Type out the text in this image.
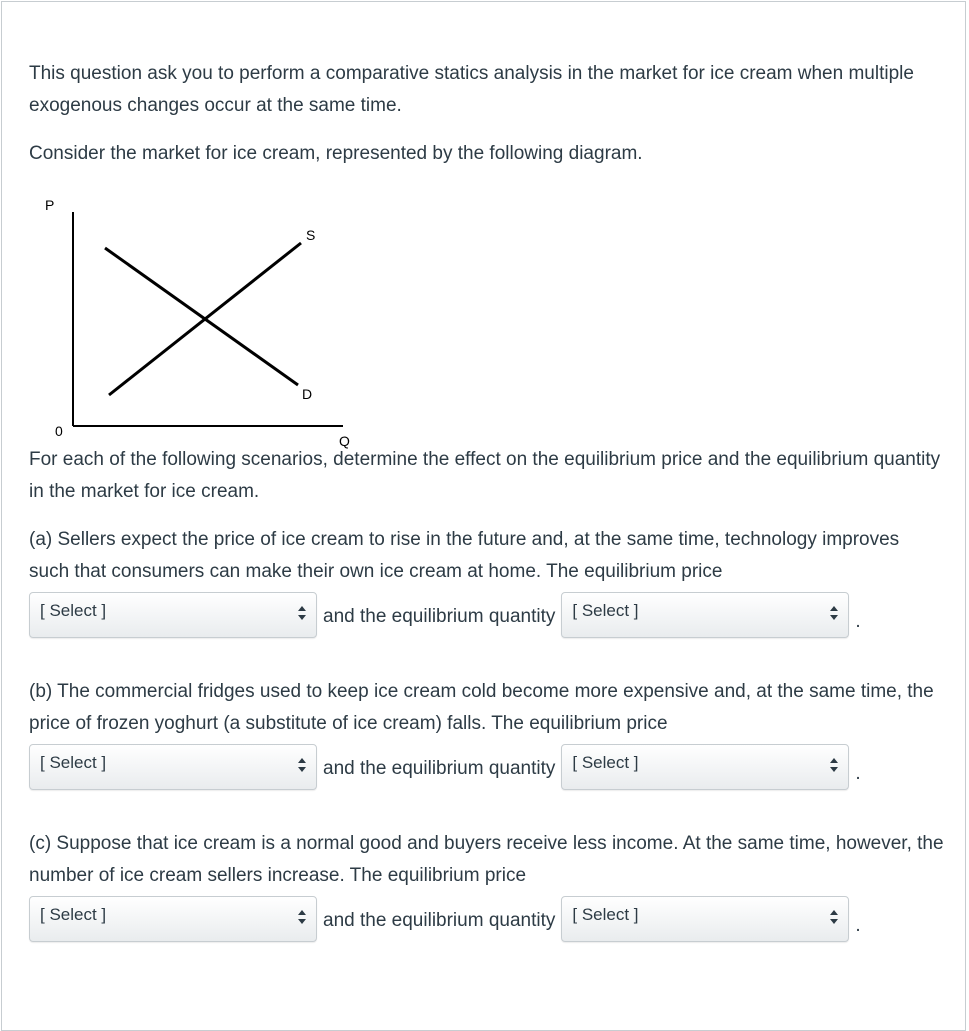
This question ask you to perform a comparative statics analysis in the market for ice cream when multiple exogenous changes occur at the same time.

Consider the market for ice cream, represented by the following diagram.

P
0
Q
S
D

For each of the following scenarios, determine the effect on the equilibrium price and the equilibrium quantity in the market for ice cream.

(a) Sellers expect the price of ice cream to rise in the future and, at the same time, technology improves such that consumers can make their own ice cream at home. The equilibrium price

[ Select ]	and the equilibrium quantity [ Select ]
.

(b) The commercial fridges used to keep ice cream cold become more expensive and, at the same time, the price of frozen yoghurt (a substitute of ice cream) falls. The equilibrium price

[ Select ]	and the equilibrium quantity [ Select ]
.

(c) Suppose that ice cream is a normal good and buyers receive less income. At the same time, however, the number of ice cream sellers increase. The equilibrium price

[ Select ]	and the equilibrium quantity [ Select ]
.
